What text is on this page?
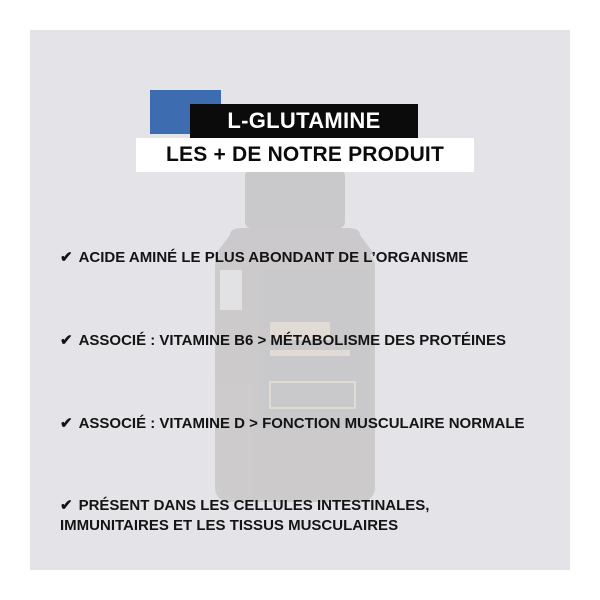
L-GLUTAMINE
LES + DE NOTRE PRODUIT
✔ ACIDE AMINÉ LE PLUS ABONDANT DE L’ORGANISME
✔ ASSOCIÉ : VITAMINE B6 > MÉTABOLISME DES PROTÉINES
✔ ASSOCIÉ : VITAMINE D > FONCTION MUSCULAIRE NORMALE
✔ PRÉSENT DANS LES CELLULES INTESTINALES,
IMMUNITAIRES ET LES TISSUS MUSCULAIRES
